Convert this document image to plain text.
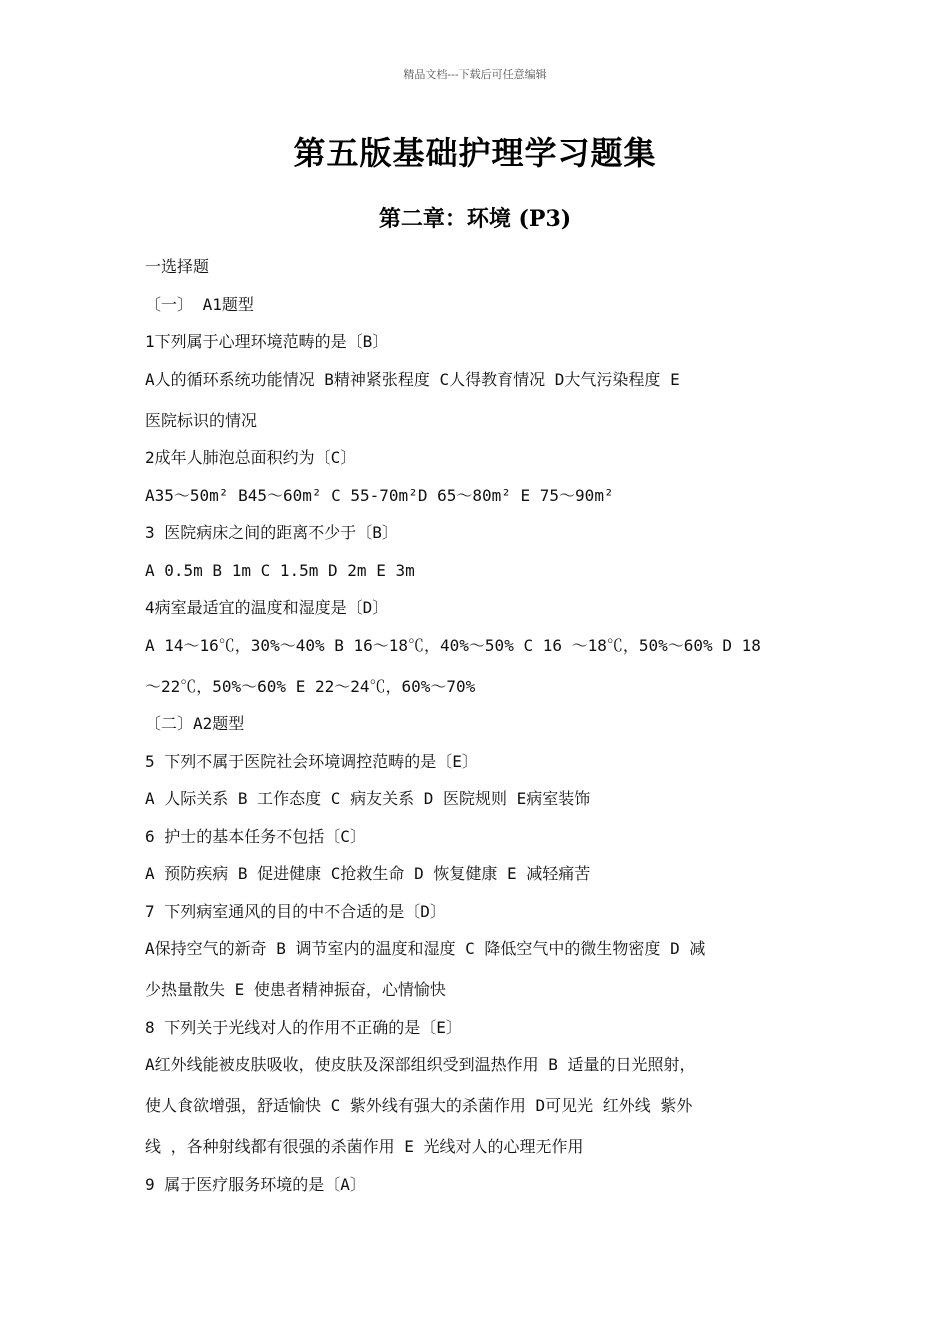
精品文档---下载后可任意编辑
第五版基础护理学习题集
第二章：环境 (P3)
一选择题
〔一〕 A1题型
1下列属于心理环境范畴的是〔B〕
A人的循环系统功能情况 B精神紧张程度 C人得教育情况 D大气污染程度 E
医院标识的情况
2成年人肺泡总面积约为〔C〕
A35～50m² B45～60m² C 55-70m²D 65～80m² E 75～90m²
3 医院病床之间的距离不少于〔B〕
A 0.5m B 1m C 1.5m D 2m E 3m
4病室最适宜的温度和湿度是〔D〕
A 14～16℃，30%～40% B 16～18℃，40%～50% C 16 ～18℃，50%～60% D 18
～22℃，50%～60% E 22～24℃，60%～70%
〔二〕A2题型
5 下列不属于医院社会环境调控范畴的是〔E〕
A 人际关系 B 工作态度 C 病友关系 D 医院规则 E病室装饰
6 护士的基本任务不包括〔C〕
A 预防疾病 B 促进健康 C抢救生命 D 恢复健康 E 减轻痛苦
7 下列病室通风的目的中不合适的是〔D〕
A保持空气的新奇 B 调节室内的温度和湿度 C 降低空气中的微生物密度 D 减
少热量散失 E 使患者精神振奋，心情愉快
8 下列关于光线对人的作用不正确的是〔E〕
A红外线能被皮肤吸收，使皮肤及深部组织受到温热作用 B 适量的日光照射，
使人食欲增强，舒适愉快 C 紫外线有强大的杀菌作用 D可见光 红外线 紫外
线 ，各种射线都有很强的杀菌作用 E 光线对人的心理无作用
9 属于医疗服务环境的是〔A〕
